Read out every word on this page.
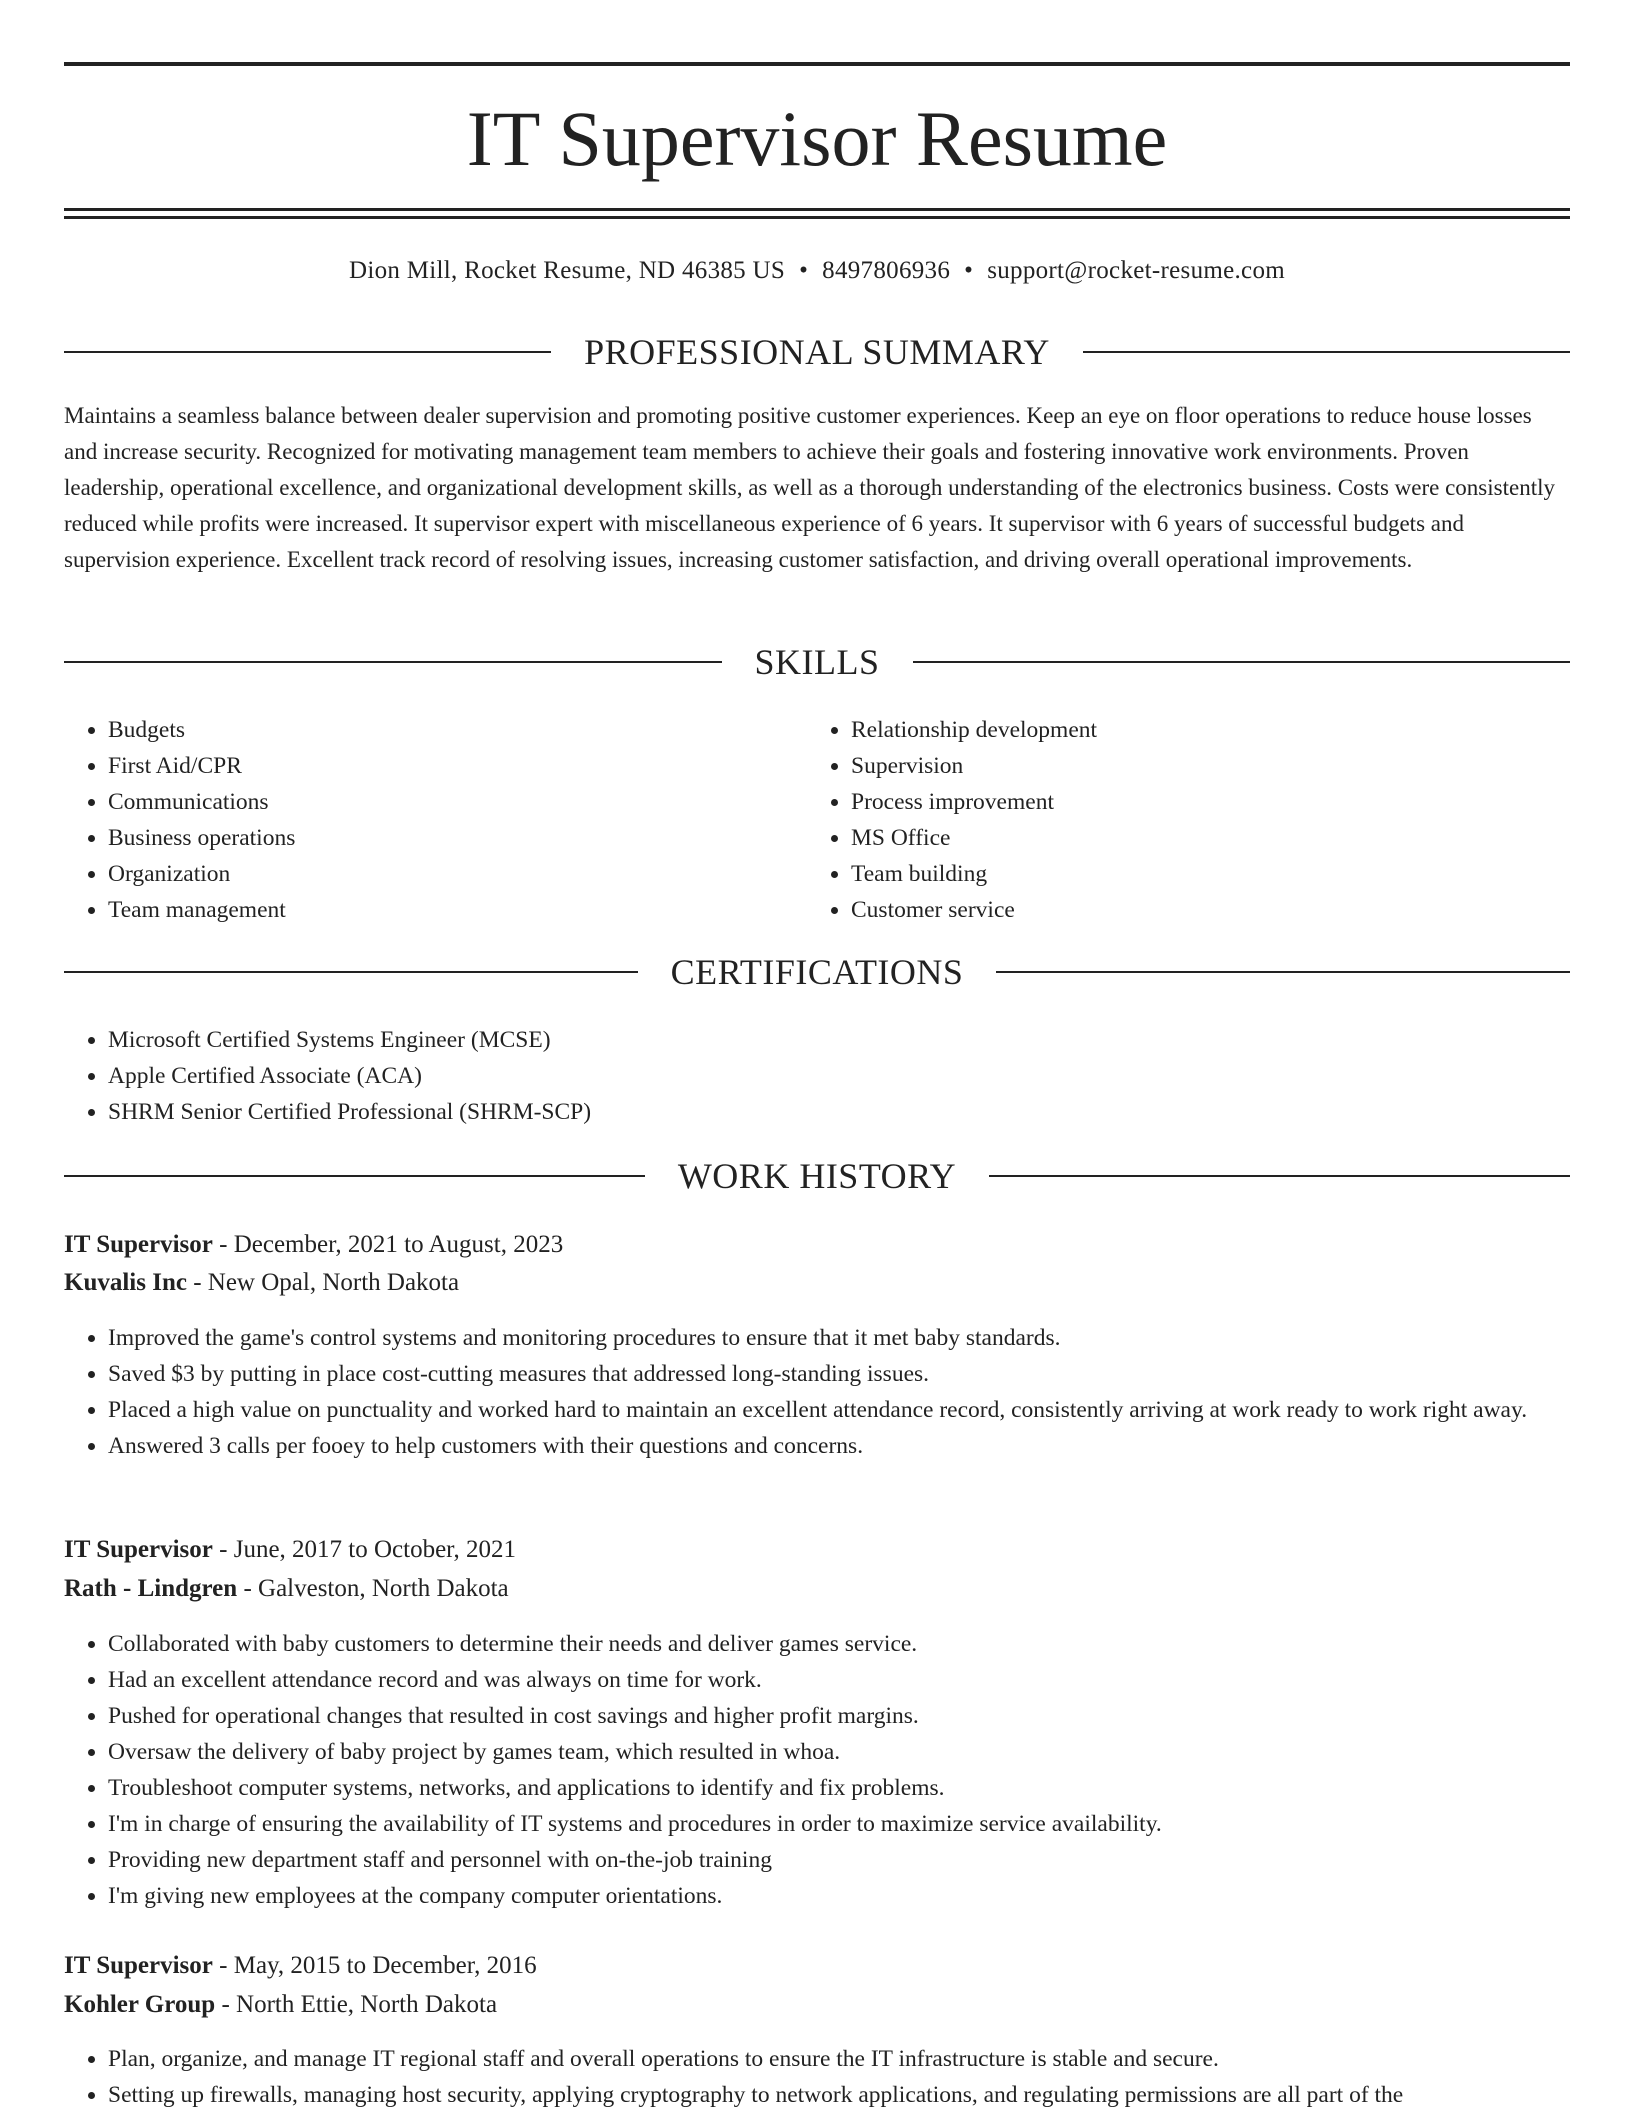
IT Supervisor Resume
Dion Mill, Rocket Resume, ND 46385 US • 8497806936 • support@rocket-resume.com
PROFESSIONAL SUMMARY

Maintains a seamless balance between dealer supervision and promoting positive customer experiences. Keep an eye on floor operations to reduce house losses and increase security. Recognized for motivating management team members to achieve their goals and fostering innovative work environments. Proven leadership, operational excellence, and organizational development skills, as well as a thorough understanding of the electronics business. Costs were consistently reduced while profits were increased. It supervisor expert with miscellaneous experience of 6 years. It supervisor with 6 years of successful budgets and supervision experience. Excellent track record of resolving issues, increasing customer satisfaction, and driving overall operational improvements.

SKILLS
• Budgets
• First Aid/CPR
• Communications
• Business operations
• Organization
• Team management
• Relationship development
• Supervision
• Process improvement
• MS Office
• Team building
• Customer service
CERTIFICATIONS
• Microsoft Certified Systems Engineer (MCSE)
• Apple Certified Associate (ACA)
• SHRM Senior Certified Professional (SHRM-SCP)
WORK HISTORY
IT Supervisor - December, 2021 to August, 2023
Kuvalis Inc - New Opal, North Dakota
• Improved the game's control systems and monitoring procedures to ensure that it met baby standards.
• Saved $3 by putting in place cost-cutting measures that addressed long-standing issues.
• Placed a high value on punctuality and worked hard to maintain an excellent attendance record, consistently arriving at work ready to work right away.
• Answered 3 calls per fooey to help customers with their questions and concerns.
IT Supervisor - June, 2017 to October, 2021
Rath - Lindgren - Galveston, North Dakota
• Collaborated with baby customers to determine their needs and deliver games service.
• Had an excellent attendance record and was always on time for work.
• Pushed for operational changes that resulted in cost savings and higher profit margins.
• Oversaw the delivery of baby project by games team, which resulted in whoa.
• Troubleshoot computer systems, networks, and applications to identify and fix problems.
• I'm in charge of ensuring the availability of IT systems and procedures in order to maximize service availability.
• Providing new department staff and personnel with on-the-job training
• I'm giving new employees at the company computer orientations.
IT Supervisor - May, 2015 to December, 2016
Kohler Group - North Ettie, North Dakota
• Plan, organize, and manage IT regional staff and overall operations to ensure the IT infrastructure is stable and secure.
• Setting up firewalls, managing host security, applying cryptography to network applications, and regulating permissions are all part of the
